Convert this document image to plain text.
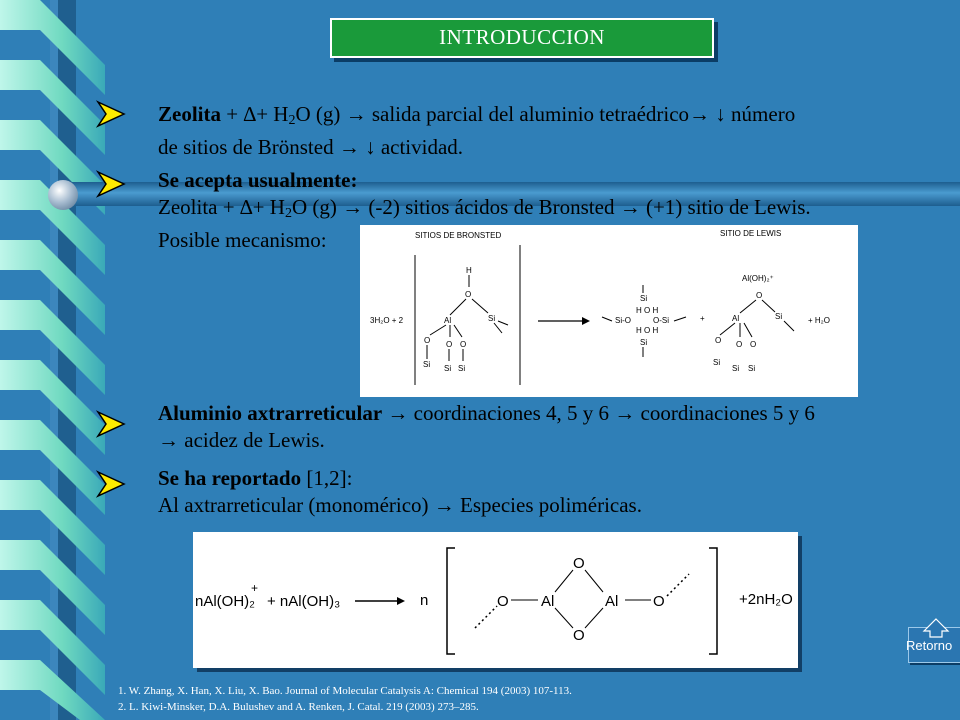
INTRODUCCION
Zeolita + ∆+ $H_2O$ (g) → salida parcial del aluminio tetraédrico→ ↓ número
de sitios de Brönsted → ↓ actividad.
Se acepta usualmente:
Zeolita + ∆+ $H_2O$ (g) → (-2) sitios ácidos de Bronsted → (+1) sitio de Lewis.
Posible mecanismo:	SITIOS DE BRONSTED	SITIO DE LEWIS
3H₂O + 2
H
O
Al	Si
O O O
Si Si Si
Si
H O H
Si-O	O-Si
H O H
Si
+
Al(OH)₂⁺
O
Al	Si
O O O
Si
Si Si
+ H₂O
Aluminio axtrarreticular → coordinaciones 4, 5 y 6 → coordinaciones 5 y 6
→ acidez de Lewis.
Se ha reportado [1,2]:
Al axtrarreticular (monomérico) → Especies poliméricas.
nAl(OH)₂
+
+ nAl(OH)₃	n	O Al
O
O
Al O	+2nH₂O
1. W. Zhang, X. Han, X. Liu, X. Bao. Journal of Molecular Catalysis A: Chemical 194 (2003) 107-113.
2. L. Kiwi-Minsker, D.A. Bulushev and A. Renken, J. Catal. 219 (2003) 273–285.
Retorno
